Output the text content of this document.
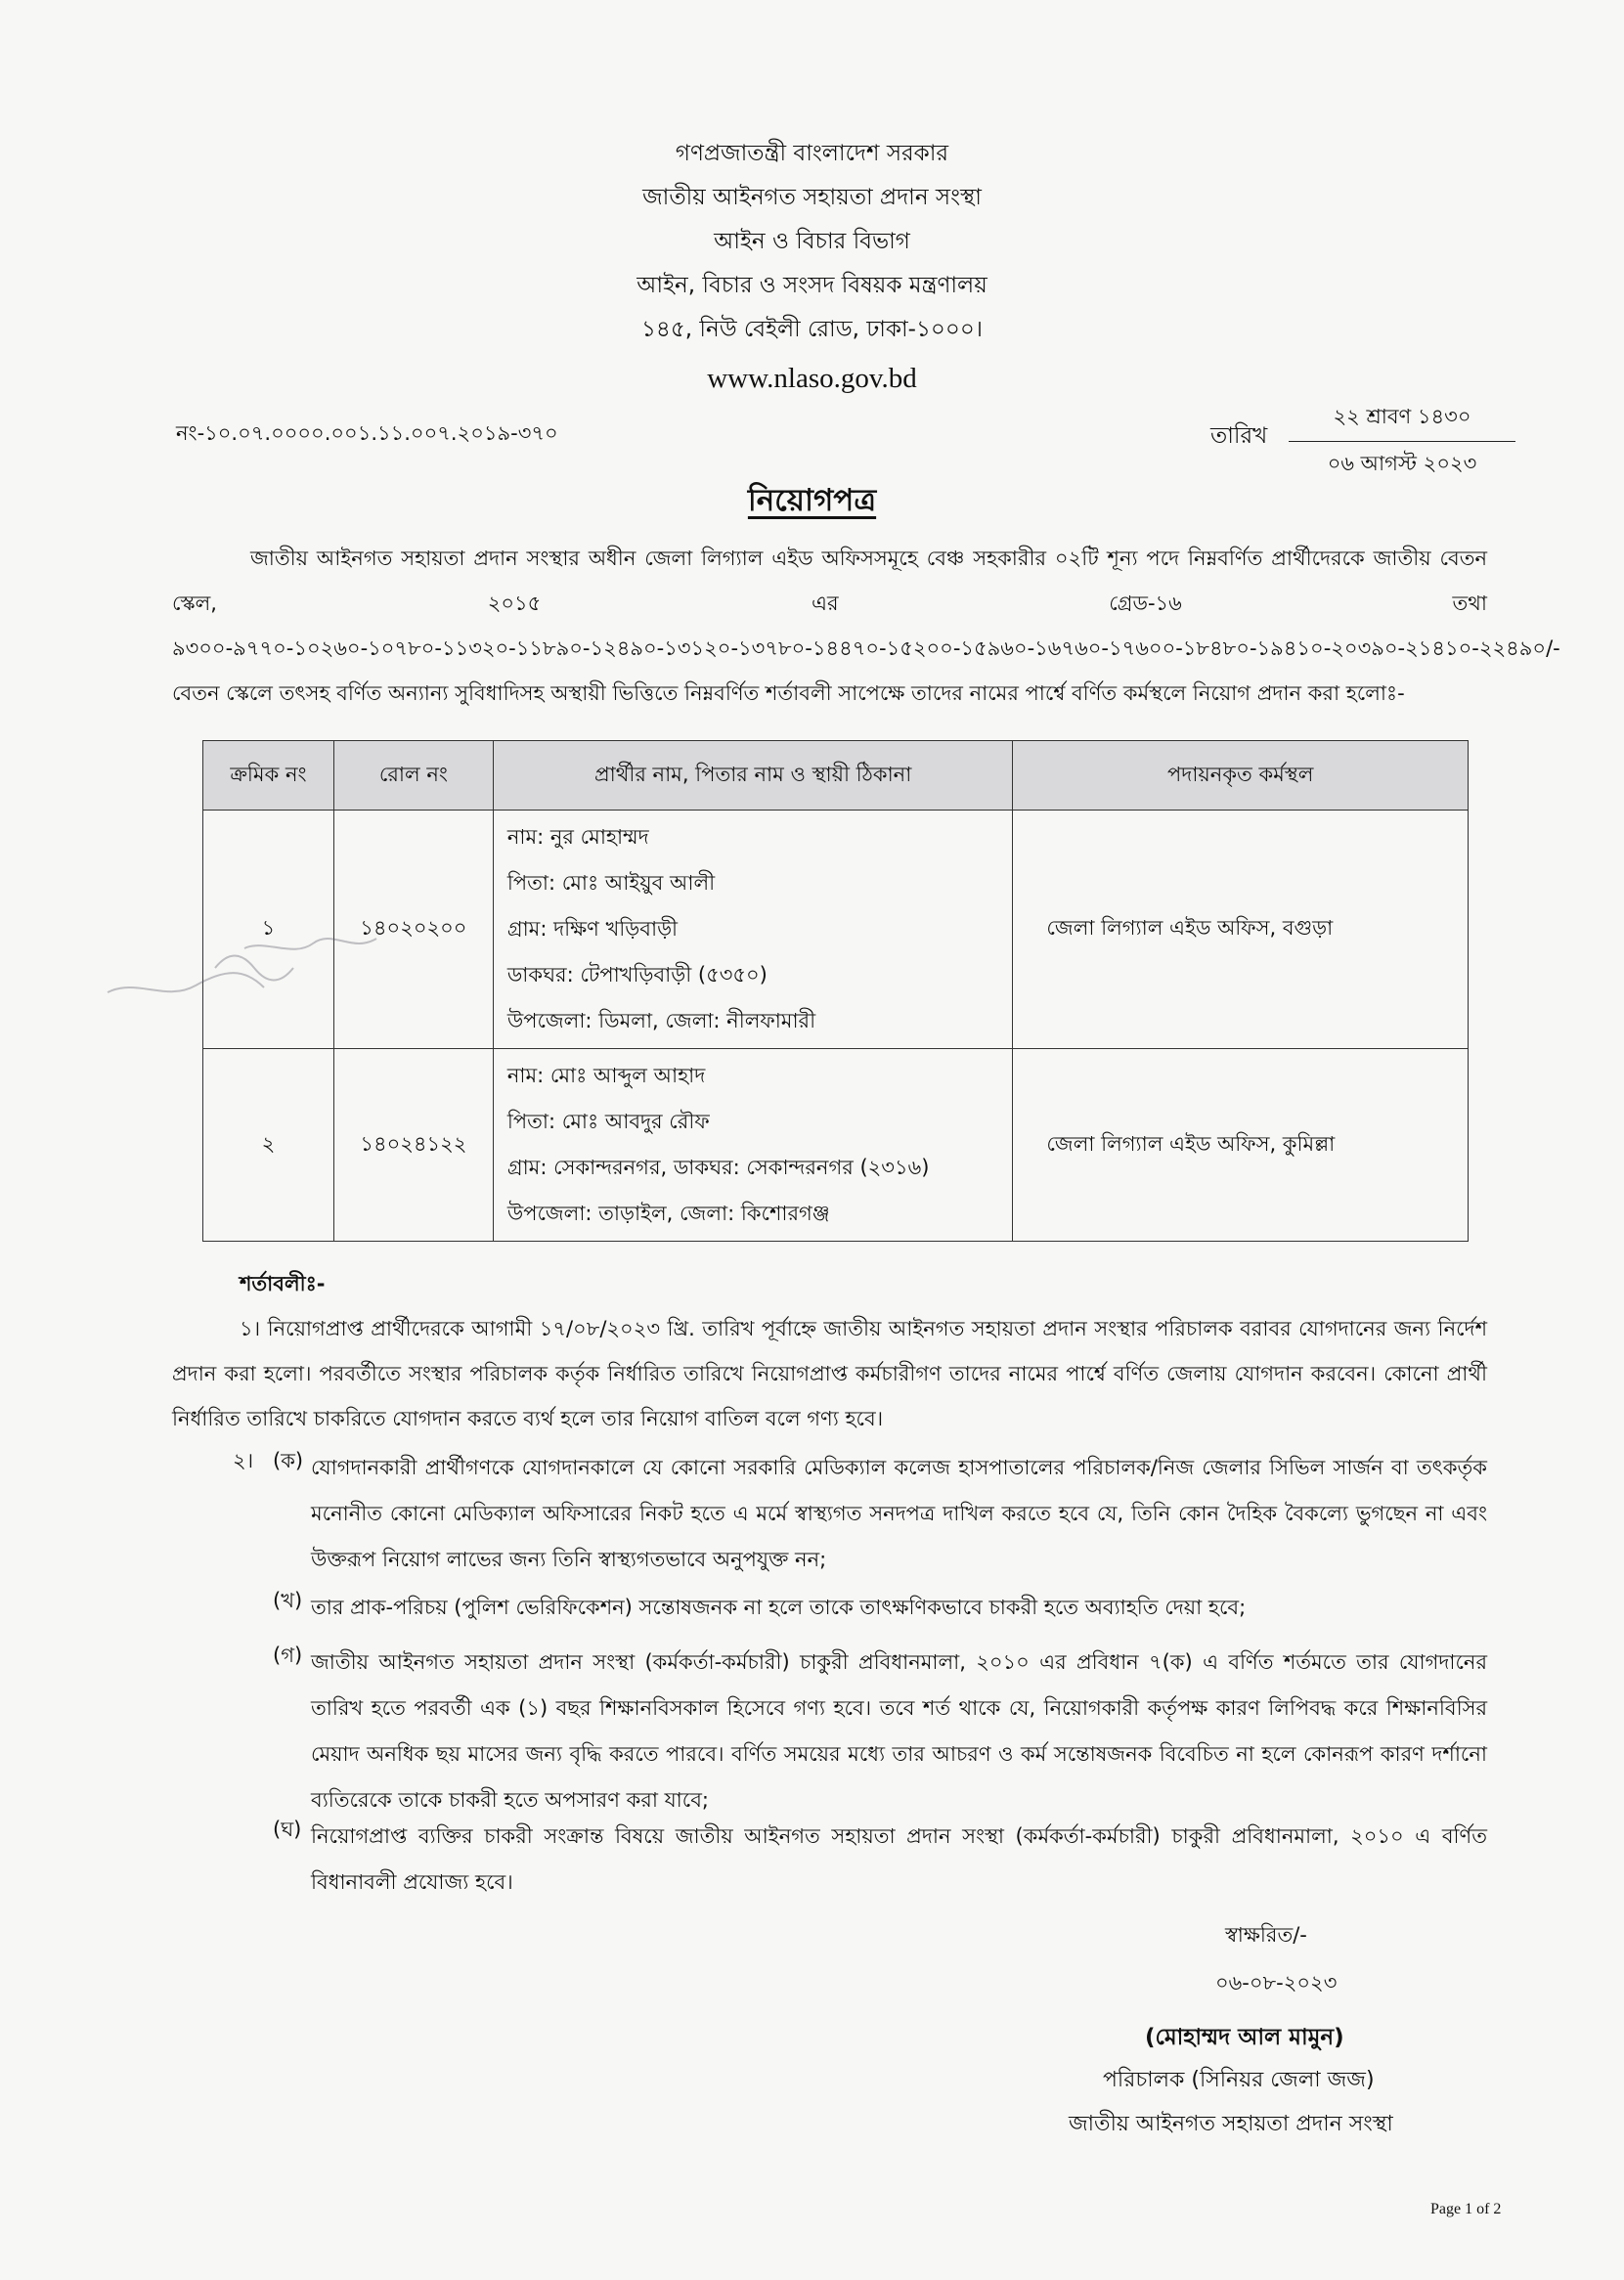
গণপ্রজাতন্ত্রী বাংলাদেশ সরকার
জাতীয় আইনগত সহায়তা প্রদান সংস্থা
আইন ও বিচার বিভাগ
আইন, বিচার ও সংসদ বিষয়ক মন্ত্রণালয়
১৪৫, নিউ বেইলী রোড, ঢাকা-১০০০।
www.nlaso.gov.bd
নং-১০.০৭.০০০০.০০১.১১.০০৭.২০১৯-৩৭০	তারিখ
২২ শ্রাবণ ১৪৩০
০৬ আগস্ট ২০২৩
নিয়োগপত্র
জাতীয় আইনগত সহায়তা প্রদান সংস্থার অধীন জেলা লিগ্যাল এইড অফিসসমূহে বেঞ্চ সহকারীর ০২টি শূন্য পদে নিম্নবর্ণিত প্রার্থীদেরকে জাতীয় বেতন স্কেল, ২০১৫ এর গ্রেড-১৬ তথা ৯৩০০-৯৭৭০-১০২৬০-১০৭৮০-১১৩২০-১১৮৯০-১২৪৯০-১৩১২০-১৩৭৮০-১৪৪৭০-১৫২০০-১৫৯৬০-১৬৭৬০-১৭৬০০-১৮৪৮০-১৯৪১০-২০৩৯০-২১৪১০-২২৪৯০/- বেতন স্কেলে তৎসহ বর্ণিত অন্যান্য সুবিধাদিসহ অস্থায়ী ভিত্তিতে নিম্নবর্ণিত শর্তাবলী সাপেক্ষে তাদের নামের পার্শ্বে বর্ণিত কর্মস্থলে নিয়োগ প্রদান করা হলোঃ-
ক্রমিক নং	রোল নং	প্রার্থীর নাম, পিতার নাম ও স্থায়ী ঠিকানা	পদায়নকৃত কর্মস্থল
১	১৪০২০২০০	নাম: নুর মোহাম্মদ
পিতা: মোঃ আইয়ুব আলী
গ্রাম: দক্ষিণ খড়িবাড়ী
ডাকঘর: টেপাখড়িবাড়ী (৫৩৫০)
উপজেলা: ডিমলা, জেলা: নীলফামারী	জেলা লিগ্যাল এইড অফিস, বগুড়া
২	১৪০২৪১২২	নাম: মোঃ আব্দুল আহাদ
পিতা: মোঃ আবদুর রৌফ
গ্রাম: সেকান্দরনগর, ডাকঘর: সেকান্দরনগর (২৩১৬)
উপজেলা: তাড়াইল, জেলা: কিশোরগঞ্জ	জেলা লিগ্যাল এইড অফিস, কুমিল্লা
শর্তাবলীঃ-
১। নিয়োগপ্রাপ্ত প্রার্থীদেরকে আগামী ১৭/০৮/২০২৩ খ্রি. তারিখ পূর্বাহ্নে জাতীয় আইনগত সহায়তা প্রদান সংস্থার পরিচালক বরাবর যোগদানের জন্য নির্দেশ প্রদান করা হলো। পরবর্তীতে সংস্থার পরিচালক কর্তৃক নির্ধারিত তারিখে নিয়োগপ্রাপ্ত কর্মচারীগণ তাদের নামের পার্শ্বে বর্ণিত জেলায় যোগদান করবেন। কোনো প্রার্থী নির্ধারিত তারিখে চাকরিতে যোগদান করতে ব্যর্থ হলে তার নিয়োগ বাতিল বলে গণ্য হবে।
২। (ক) যোগদানকারী প্রার্থীগণকে যোগদানকালে যে কোনো সরকারি মেডিক্যাল কলেজ হাসপাতালের পরিচালক/নিজ জেলার সিভিল সার্জন বা তৎকর্তৃক মনোনীত কোনো মেডিক্যাল অফিসারের নিকট হতে এ মর্মে স্বাস্থ্যগত সনদপত্র দাখিল করতে হবে যে, তিনি কোন দৈহিক বৈকল্যে ভুগছেন না এবং উক্তরূপ নিয়োগ লাভের জন্য তিনি স্বাস্থ্যগতভাবে অনুপযুক্ত নন;
(খ) তার প্রাক-পরিচয় (পুলিশ ভেরিফিকেশন) সন্তোষজনক না হলে তাকে তাৎক্ষণিকভাবে চাকরী হতে অব্যাহতি দেয়া হবে;
(গ) জাতীয় আইনগত সহায়তা প্রদান সংস্থা (কর্মকর্তা-কর্মচারী) চাকুরী প্রবিধানমালা, ২০১০ এর প্রবিধান ৭(ক) এ বর্ণিত শর্তমতে তার যোগদানের তারিখ হতে পরবর্তী এক (১) বছর শিক্ষানবিসকাল হিসেবে গণ্য হবে। তবে শর্ত থাকে যে, নিয়োগকারী কর্তৃপক্ষ কারণ লিপিবদ্ধ করে শিক্ষানবিসির মেয়াদ অনধিক ছয় মাসের জন্য বৃদ্ধি করতে পারবে। বর্ণিত সময়ের মধ্যে তার আচরণ ও কর্ম সন্তোষজনক বিবেচিত না হলে কোনরূপ কারণ দর্শানো ব্যতিরেকে তাকে চাকরী হতে অপসারণ করা যাবে;
(ঘ) নিয়োগপ্রাপ্ত ব্যক্তির চাকরী সংক্রান্ত বিষয়ে জাতীয় আইনগত সহায়তা প্রদান সংস্থা (কর্মকর্তা-কর্মচারী) চাকুরী প্রবিধানমালা, ২০১০ এ বর্ণিত বিধানাবলী প্রযোজ্য হবে।
স্বাক্ষরিত/-
০৬-০৮-২০২৩
(মোহাম্মদ আল মামুন)
পরিচালক (সিনিয়র জেলা জজ)
জাতীয় আইনগত সহায়তা প্রদান সংস্থা
Page 1 of 2
